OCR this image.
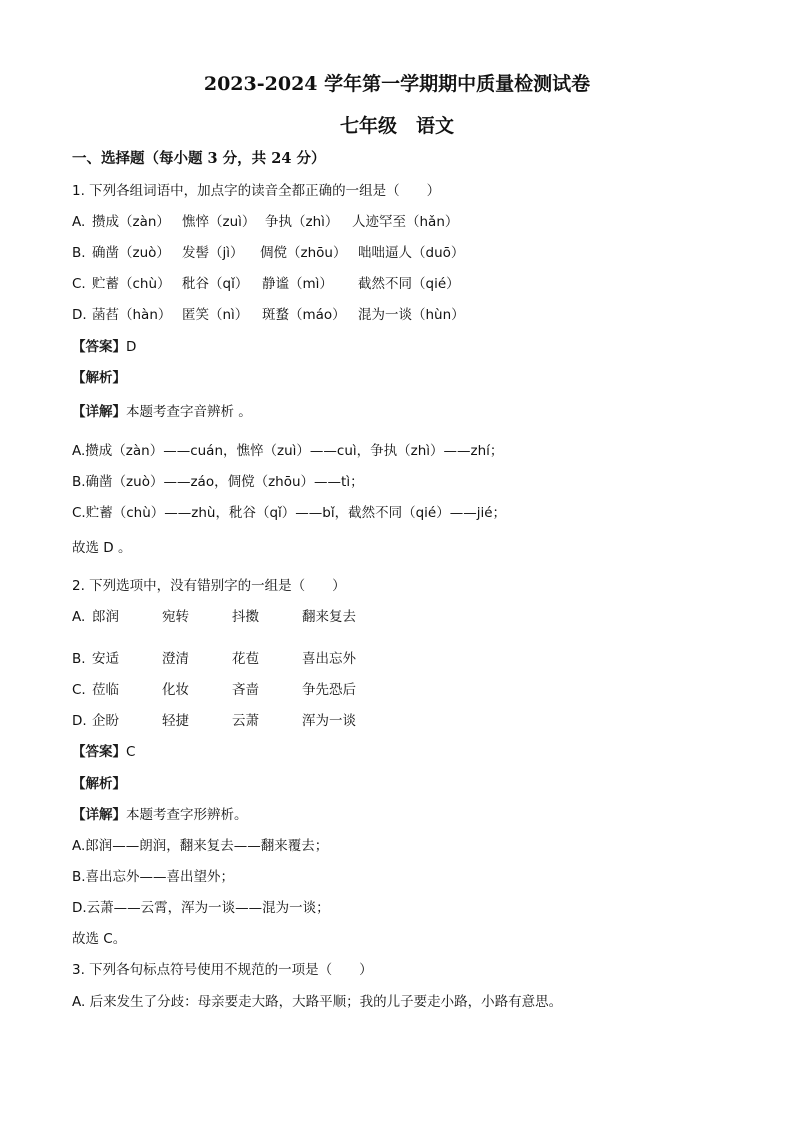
2023-2024 学年第一学期期中质量检测试卷
七年级　语文

一、选择题（每小题 3 分，共 24 分）

1. 下列各组词语中，加点字的读音全都正确的一组是（　　）

A. 攒成（zàn） 憔悴（zuì） 争执（zhì） 人迹罕至（hǎn）
B. 确凿（zuò） 发髻（jì） 倜傥（zhōu） 咄咄逼人（duō）
C. 贮蓄（chù） 秕谷（qǐ） 静谧（mì） 截然不同（qié）
D. 菡萏（hàn） 匿笑（nì） 斑蝥（máo） 混为一谈（hùn）

【答案】D

【解析】

【详解】本题考查字音辨析 。

A.攒成（zàn）——cuán，憔悴（zuì）——cuì，争执（zhì）——zhí；

B.确凿（zuò）——záo，倜傥（zhōu）——tì；

C.贮蓄（chù）——zhù，秕谷（qǐ）——bǐ，截然不同（qié）——jié；

故选 D 。

2. 下列选项中，没有错别字的一组是（　　）

A. 郎润	宛转	抖擞	翻来复去
B. 安适	澄清	花苞	喜出忘外
C. 莅临	化妆	吝啬	争先恐后
D. 企盼	轻捷	云萧	浑为一谈

【答案】C

【解析】

【详解】本题考查字形辨析。

A.郎润——朗润，翻来复去——翻来覆去；

B.喜出忘外——喜出望外；

D.云萧——云霄，浑为一谈——混为一谈；

故选 C。

3. 下列各句标点符号使用不规范的一项是（　　）

A. 后来发生了分歧：母亲要走大路，大路平顺；我的儿子要走小路，小路有意思。
